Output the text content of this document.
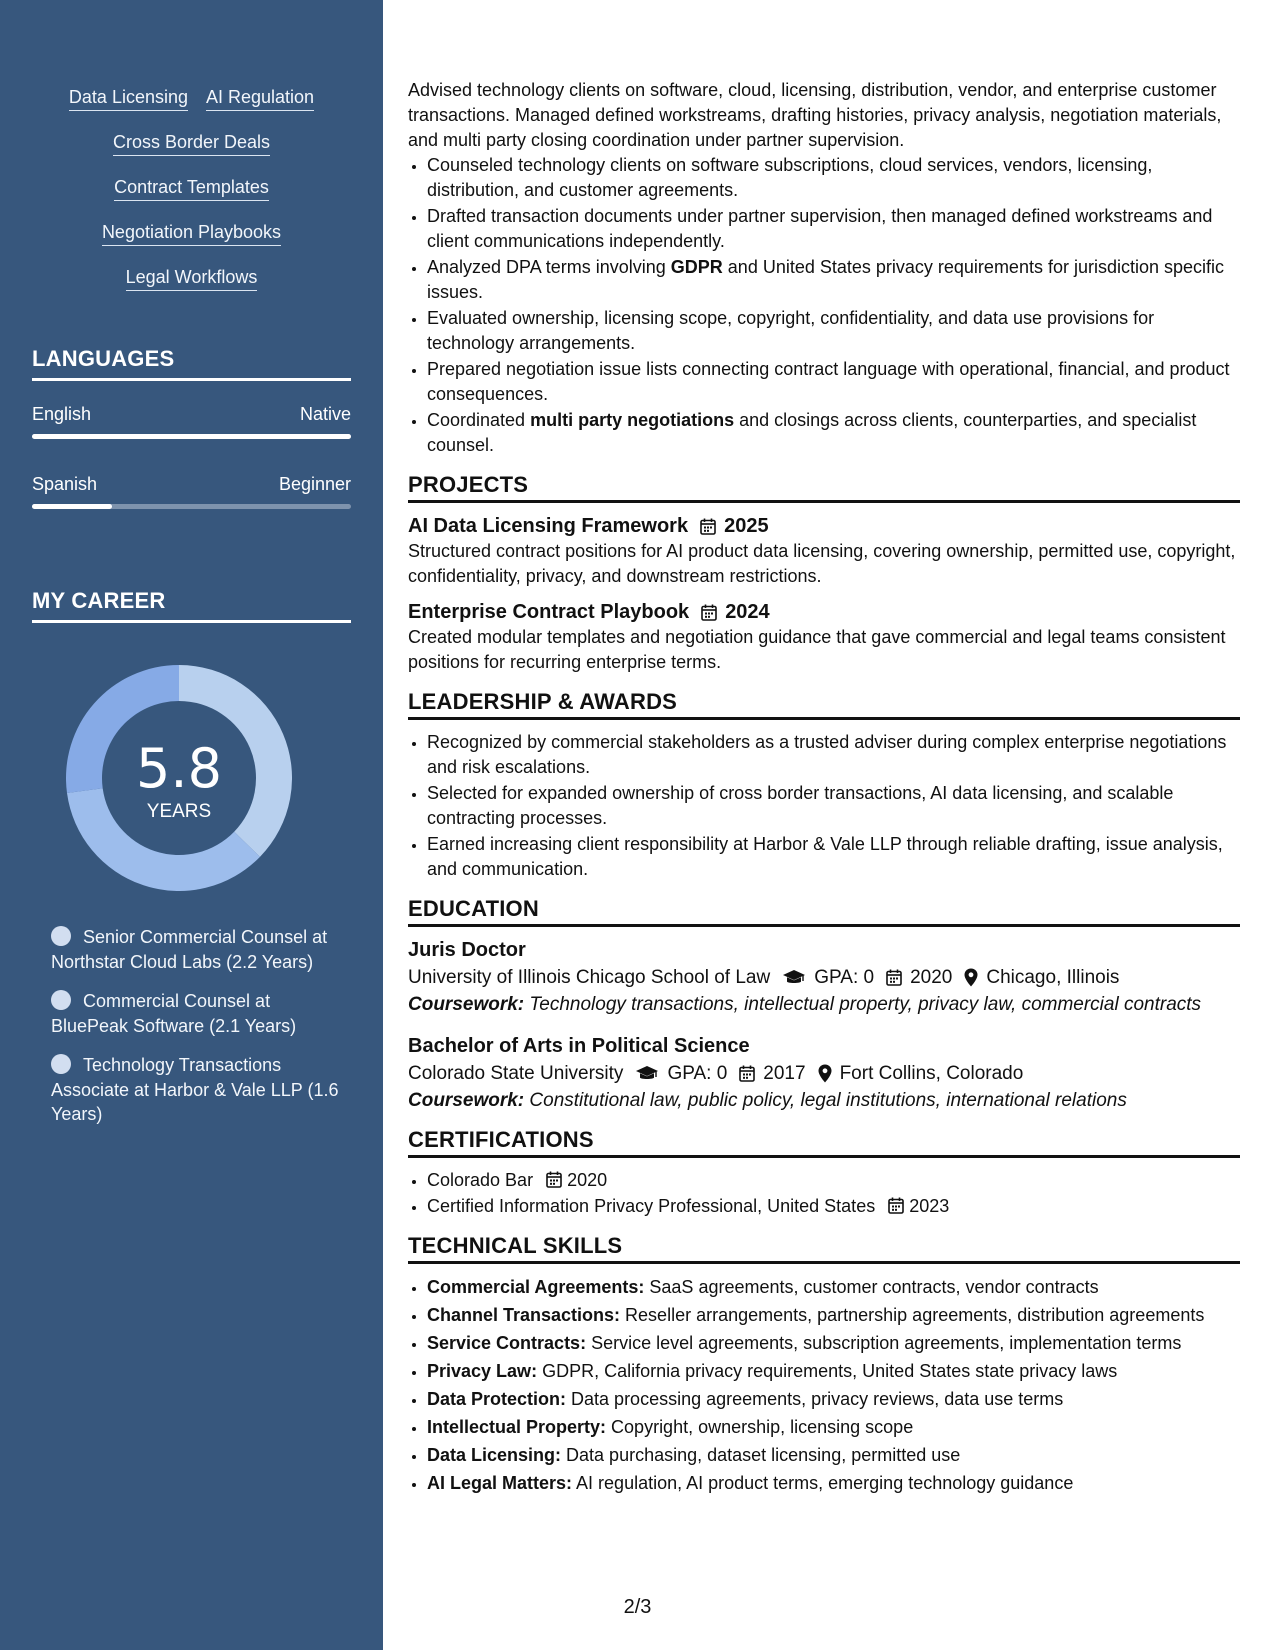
Data Licensing AI Regulation
Cross Border Deals
Contract Templates
Negotiation Playbooks
Legal Workflows
LANGUAGES
English	Native
Spanish	Beginner
MY CAREER
5.8
YEARS
Senior Commercial Counsel at Northstar Cloud Labs (2.2 Years)
Commercial Counsel at BluePeak Software (2.1 Years)
Technology Transactions Associate at Harbor & Vale LLP (1.6 Years)
Advised technology clients on software, cloud, licensing, distribution, vendor, and enterprise customer transactions. Managed defined workstreams, drafting histories, privacy analysis, negotiation materials, and multi party closing coordination under partner supervision.
• Counseled technology clients on software subscriptions, cloud services, vendors, licensing, distribution, and customer agreements.
• Drafted transaction documents under partner supervision, then managed defined workstreams and client communications independently.
• Analyzed DPA terms involving GDPR and United States privacy requirements for jurisdiction specific issues.
• Evaluated ownership, licensing scope, copyright, confidentiality, and data use provisions for technology arrangements.
• Prepared negotiation issue lists connecting contract language with operational, financial, and product consequences.
• Coordinated multi party negotiations and closings across clients, counterparties, and specialist counsel.
PROJECTS
AI Data Licensing Framework 2025
Structured contract positions for AI product data licensing, covering ownership, permitted use, copyright, confidentiality, privacy, and downstream restrictions.
Enterprise Contract Playbook 2024
Created modular templates and negotiation guidance that gave commercial and legal teams consistent positions for recurring enterprise terms.
LEADERSHIP & AWARDS
• Recognized by commercial stakeholders as a trusted adviser during complex enterprise negotiations and risk escalations.
• Selected for expanded ownership of cross border transactions, AI data licensing, and scalable contracting processes.
• Earned increasing client responsibility at Harbor & Vale LLP through reliable drafting, issue analysis, and communication.
EDUCATION
Juris Doctor
University of Illinois Chicago School of Law GPA: 0 2020 Chicago, Illinois
Coursework: Technology transactions, intellectual property, privacy law, commercial contracts
Bachelor of Arts in Political Science
Colorado State University GPA: 0 2017 Fort Collins, Colorado
Coursework: Constitutional law, public policy, legal institutions, international relations
CERTIFICATIONS
• Colorado Bar 2020
• Certified Information Privacy Professional, United States 2023
TECHNICAL SKILLS
• Commercial Agreements: SaaS agreements, customer contracts, vendor contracts
• Channel Transactions: Reseller arrangements, partnership agreements, distribution agreements
• Service Contracts: Service level agreements, subscription agreements, implementation terms
• Privacy Law: GDPR, California privacy requirements, United States state privacy laws
• Data Protection: Data processing agreements, privacy reviews, data use terms
• Intellectual Property: Copyright, ownership, licensing scope
• Data Licensing: Data purchasing, dataset licensing, permitted use
• AI Legal Matters: AI regulation, AI product terms, emerging technology guidance
2/3
